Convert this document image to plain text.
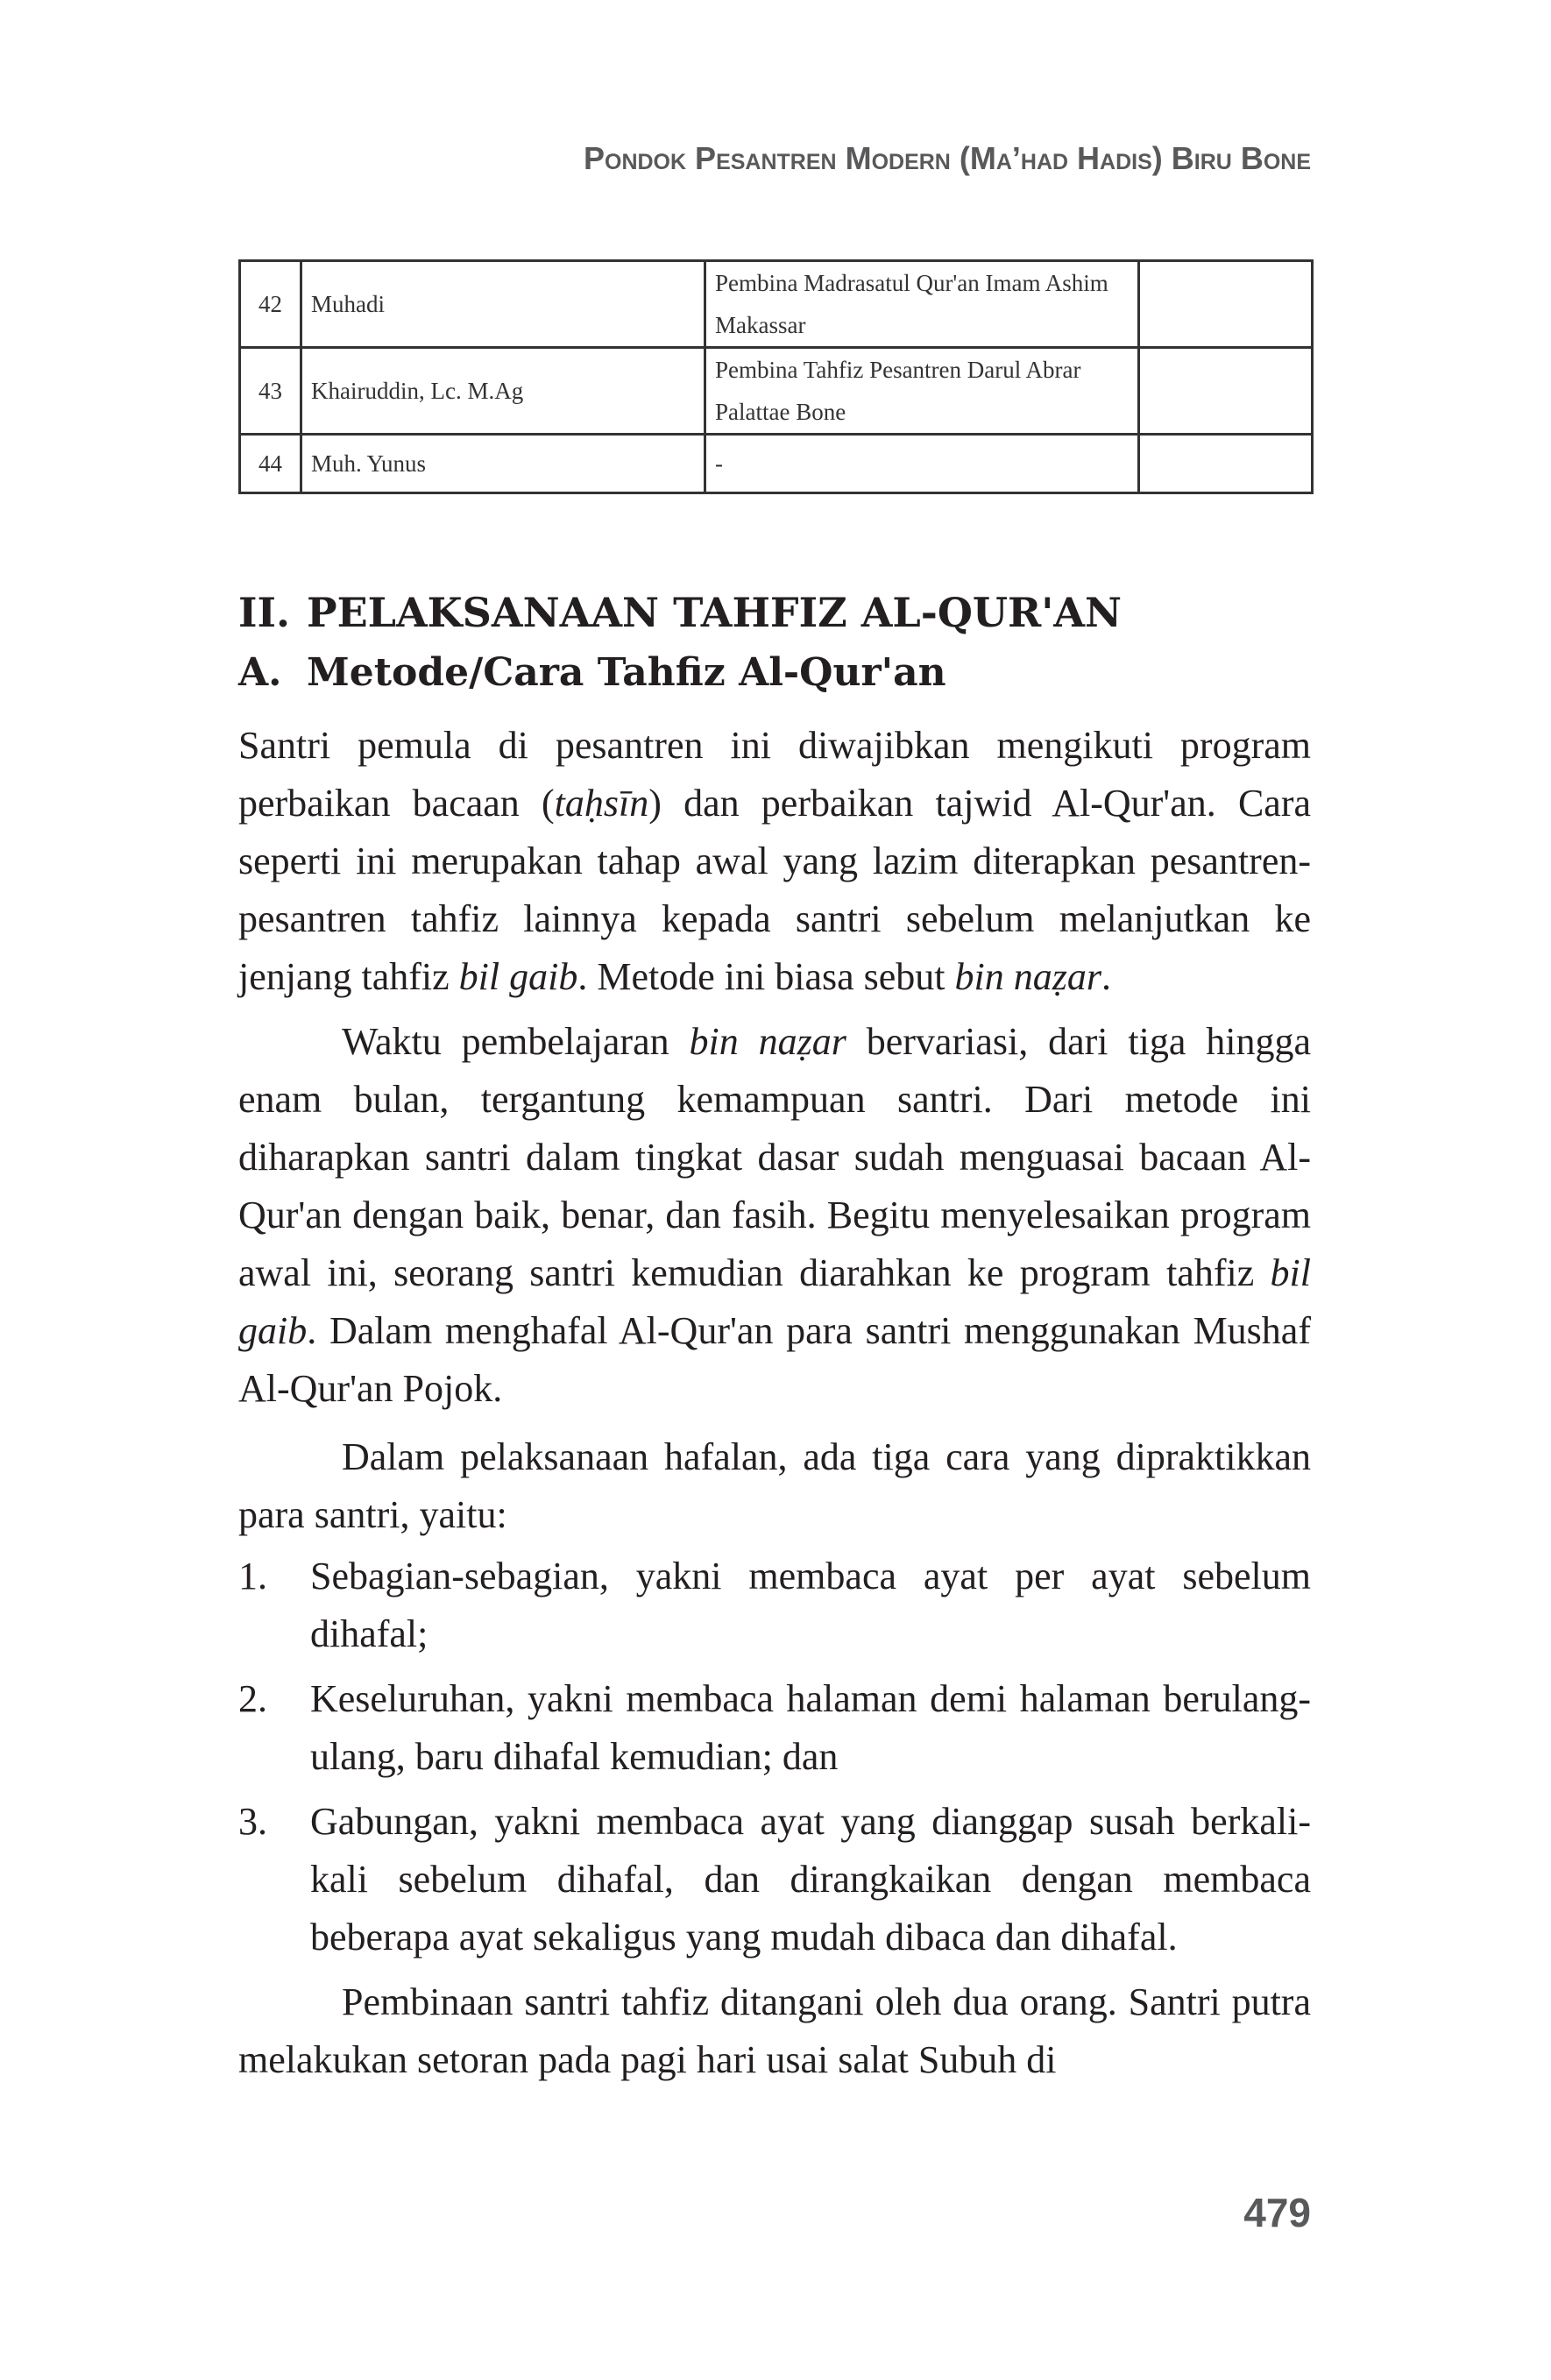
Pondok Pesantren Modern (Ma’had Hadis) Biru Bone
42	Muhadi	Pembina Madrasatul Qur'an Imam Ashim Makassar	
43	Khairuddin, Lc. M.Ag	Pembina Tahfiz Pesantren Darul Abrar Palattae Bone	
44	Muh. Yunus	-	
II. PELAKSANAAN TAHFIZ AL-QUR'AN
A. Metode/Cara Tahfiz Al-Qur'an

Santri pemula di pesantren ini diwajibkan mengikuti program perbaikan bacaan (taḥsīn) dan perbaikan tajwid Al-Qur'an. Cara seperti ini merupakan tahap awal yang lazim diterapkan pesantren-pesantren tahfiz lainnya kepada santri sebelum melanjutkan ke jenjang tahfiz bil gaib. Metode ini biasa sebut bin naẓar.

Waktu pembelajaran bin naẓar bervariasi, dari tiga hingga enam bulan, tergantung kemampuan santri. Dari metode ini diharapkan santri dalam tingkat dasar sudah menguasai bacaan Al-Qur'an dengan baik, benar, dan fasih. Begitu menyelesaikan program awal ini, seorang santri kemudian diarahkan ke program tahfiz bil gaib. Dalam menghafal Al-Qur'an para santri menggunakan Mushaf Al-Qur'an Pojok.

Dalam pelaksanaan hafalan, ada tiga cara yang dipraktikkan para santri, yaitu:

1. Sebagian-sebagian, yakni membaca ayat per ayat sebelum dihafal;
2. Keseluruhan, yakni membaca halaman demi halaman berulang-ulang, baru dihafal kemudian; dan
3. Gabungan, yakni membaca ayat yang dianggap susah berkali-kali sebelum dihafal, dan dirangkaikan dengan membaca beberapa ayat sekaligus yang mudah dibaca dan dihafal.

Pembinaan santri tahfiz ditangani oleh dua orang. Santri putra melakukan setoran pada pagi hari usai salat Subuh di

479
